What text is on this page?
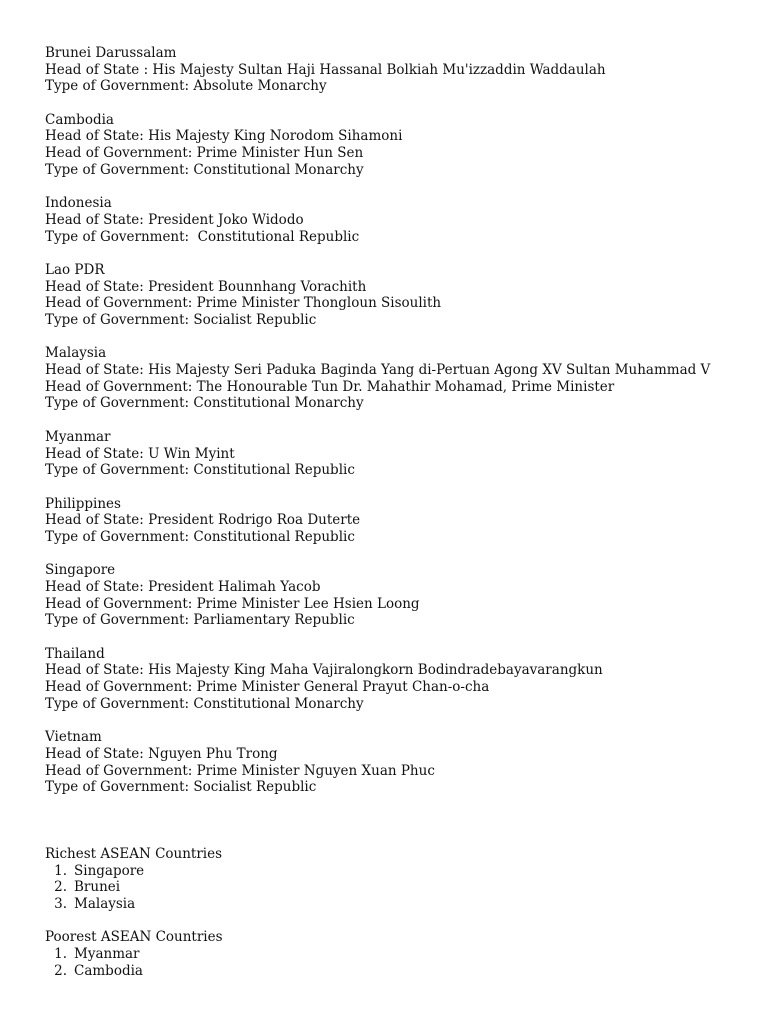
Brunei Darussalam
Head of State : His Majesty Sultan Haji Hassanal Bolkiah Mu'izzaddin Waddaulah
Type of Government: Absolute Monarchy
Cambodia
Head of State: His Majesty King Norodom Sihamoni
Head of Government: Prime Minister Hun Sen
Type of Government: Constitutional Monarchy
Indonesia
Head of State: President Joko Widodo
Type of Government:  Constitutional Republic
Lao PDR
Head of State: President Bounnhang Vorachith
Head of Government: Prime Minister Thongloun Sisoulith
Type of Government: Socialist Republic
Malaysia
Head of State: His Majesty Seri Paduka Baginda Yang di-Pertuan Agong XV Sultan Muhammad V
Head of Government: The Honourable Tun Dr. Mahathir Mohamad, Prime Minister
Type of Government: Constitutional Monarchy
Myanmar
Head of State: U Win Myint
Type of Government: Constitutional Republic
Philippines
Head of State: President Rodrigo Roa Duterte
Type of Government: Constitutional Republic
Singapore
Head of State: President Halimah Yacob
Head of Government: Prime Minister Lee Hsien Loong
Type of Government: Parliamentary Republic
Thailand
Head of State: His Majesty King Maha Vajiralongkorn Bodindradebayavarangkun
Head of Government: Prime Minister General Prayut Chan-o-cha
Type of Government: Constitutional Monarchy
Vietnam
Head of State: Nguyen Phu Trong
Head of Government: Prime Minister Nguyen Xuan Phuc
Type of Government: Socialist Republic
Richest ASEAN Countries
1. Singapore
2. Brunei
3. Malaysia
Poorest ASEAN Countries
1. Myanmar
2. Cambodia
